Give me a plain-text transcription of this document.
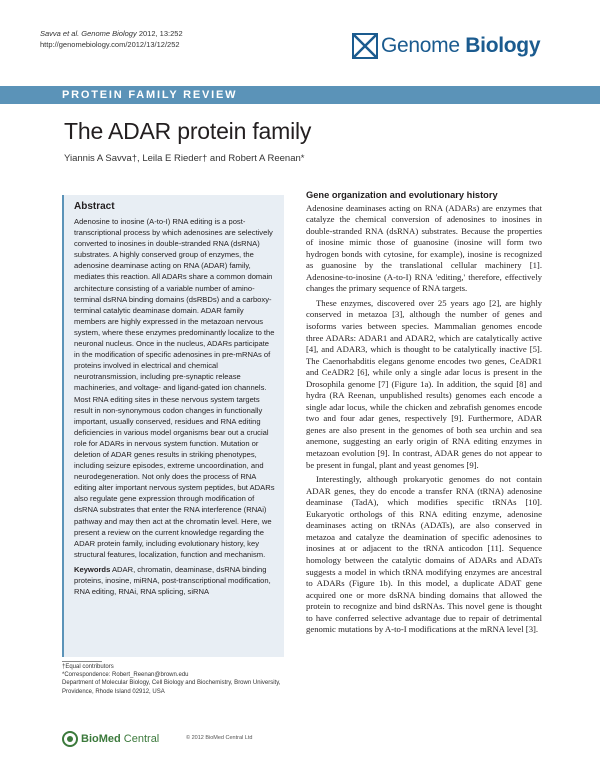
Savva et al. Genome Biology 2012, 13:252
http://genomebiology.com/2012/13/12/252	Genome Biology
PROTEIN FAMILY REVIEW
The ADAR protein family
Yiannis A Savva†, Leila E Rieder† and Robert A Reenan*
Abstract
Adenosine to inosine (A-to-I) RNA editing is a post-transcriptional process by which adenosines are selectively converted to inosines in double-stranded RNA (dsRNA) substrates. A highly conserved group of enzymes, the adenosine deaminase acting on RNA (ADAR) family, mediates this reaction. All ADARs share a common domain architecture consisting of a variable number of amino-terminal dsRNA binding domains (dsRBDs) and a carboxy-terminal catalytic deaminase domain. ADAR family members are highly expressed in the metazoan nervous system, where these enzymes predominantly localize to the neuronal nucleus. Once in the nucleus, ADARs participate in the modification of specific adenosines in pre-mRNAs of proteins involved in electrical and chemical neurotransmission, including pre-synaptic release machineries, and voltage- and ligand-gated ion channels. Most RNA editing sites in these nervous system targets result in non-synonymous codon changes in functionally important, usually conserved, residues and RNA editing deficiencies in various model organisms bear out a crucial role for ADARs in nervous system function. Mutation or deletion of ADAR genes results in striking phenotypes, including seizure episodes, extreme uncoordination, and neurodegeneration. Not only does the process of RNA editing alter important nervous system peptides, but ADARs also regulate gene expression through modification of dsRNA substrates that enter the RNA interference (RNAi) pathway and may then act at the chromatin level. Here, we present a review on the current knowledge regarding the ADAR protein family, including evolutionary history, key structural features, localization, function and mechanism.
Keywords ADAR, chromatin, deaminase, dsRNA binding proteins, inosine, miRNA, post-transcriptional modification, RNA editing, RNAi, RNA splicing, siRNA
†Equal contributors
*Correspondence: Robert_Reenan@brown.edu
Department of Molecular Biology, Cell Biology and Biochemistry, Brown University, Providence, Rhode Island 02912, USA
BioMed Central	© 2012 BioMed Central Ltd
Gene organization and evolutionary history

Adenosine deaminases acting on RNA (ADARs) are enzymes that catalyze the chemical conversion of adenosines to inosines in double-stranded RNA (dsRNA) substrates. Because the properties of inosine mimic those of guanosine (inosine will form two hydrogen bonds with cytosine, for example), inosine is recognized as guanosine by the translational cellular machinery [1]. Adenosine-to-inosine (A-to-I) RNA 'editing,' therefore, effectively changes the primary sequence of RNA targets.

These enzymes, discovered over 25 years ago [2], are highly conserved in metazoa [3], although the number of genes and isoforms varies between species. Mammalian genomes encode three ADARs: ADAR1 and ADAR2, which are catalytically active [4], and ADAR3, which is thought to be catalytically inactive [5]. The Caenorhabditis elegans genome encodes two genes, CeADR1 and CeADR2 [6], while only a single adar locus is present in the Drosophila genome [7] (Figure 1a). In addition, the squid [8] and hydra (RA Reenan, unpublished results) genomes each encode a single adar locus, while the chicken and zebrafish genomes encode two and four adar genes, respectively [9]. Furthermore, ADAR genes are also present in the genomes of both sea urchin and sea anemone, suggesting an early origin of RNA editing enzymes in metazoan evolution [9]. In contrast, ADAR genes do not appear to be present in fungal, plant and yeast genomes [9].

Interestingly, although prokaryotic genomes do not contain ADAR genes, they do encode a transfer RNA (tRNA) adenosine deaminase (TadA), which modifies specific tRNAs [10]. Eukaryotic orthologs of this RNA editing enzyme, adenosine deaminases acting on tRNAs (ADATs), are also conserved in metazoa and catalyze the deamination of specific adenosines to inosines at or adjacent to the tRNA anticodon [11]. Sequence homology between the catalytic domains of ADARs and ADATs suggests a model in which tRNA modifying enzymes are ancestral to ADARs (Figure 1b). In this model, a duplicate ADAT gene acquired one or more dsRNA binding domains that allowed the protein to recognize and bind dsRNAs. This novel gene is thought to have conferred selective advantage due to repair of detrimental genomic mutations by A-to-I modifications at the mRNA level [3].
